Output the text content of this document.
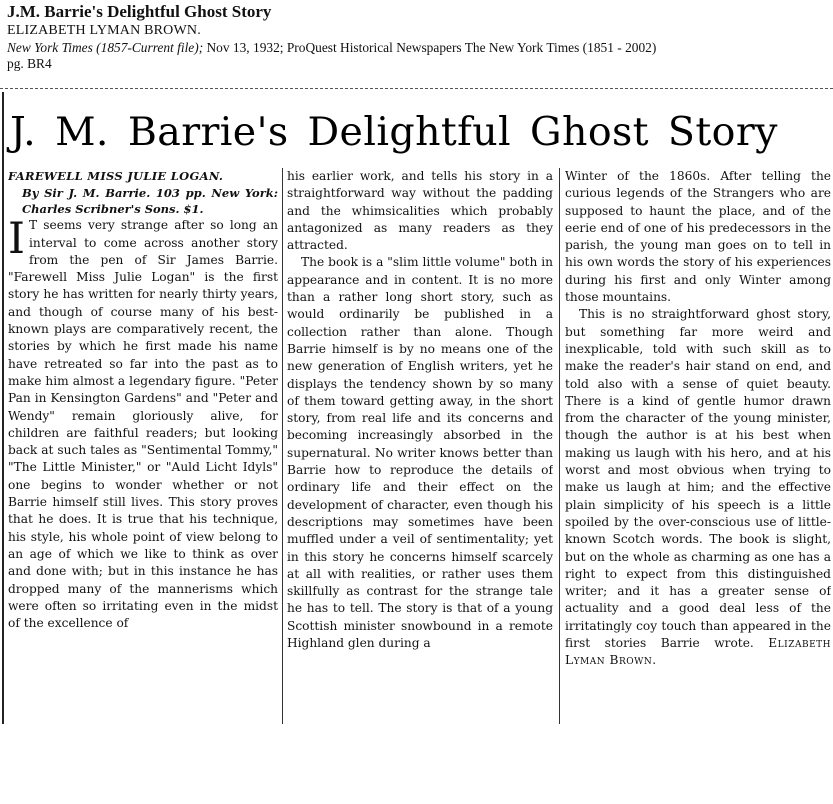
J.M. Barrie's Delightful Ghost Story
ELIZABETH LYMAN BROWN.
New York Times (1857-Current file); Nov 13, 1932; ProQuest Historical Newspapers The New York Times (1851 - 2002)
pg. BR4
J. M. Barrie's Delightful Ghost Story

FAREWELL MISS JULIE LOGAN.

By Sir J. M. Barrie. 103 pp. New York: Charles Scribner's Sons. $1.

I T seems very strange after so long an interval to come across another story from the pen of Sir James Barrie. "Farewell Miss Julie Logan" is the first story he has written for nearly thirty years, and though of course many of his best-known plays are comparatively recent, the stories by which he first made his name have retreated so far into the past as to make him almost a legendary figure. "Peter Pan in Kensington Gardens" and "Peter and Wendy" remain gloriously alive, for children are faithful readers; but looking back at such tales as "Sentimental Tommy," "The Little Minister," or "Auld Licht Idyls" one begins to wonder whether or not Barrie himself still lives. This story proves that he does. It is true that his technique, his style, his whole point of view belong to an age of which we like to think as over and done with; but in this instance he has dropped many of the mannerisms which were often so irritating even in the midst of the excellence of

his earlier work, and tells his story in a straightforward way without the padding and the whimsicalities which probably antagonized as many readers as they attracted.

The book is a "slim little volume" both in appearance and in content. It is no more than a rather long short story, such as would ordinarily be published in a collection rather than alone. Though Barrie himself is by no means one of the new generation of English writers, yet he displays the tendency shown by so many of them toward getting away, in the short story, from real life and its concerns and becoming increasingly absorbed in the supernatural. No writer knows better than Barrie how to reproduce the details of ordinary life and their effect on the development of character, even though his descriptions may sometimes have been muffled under a veil of sentimentality; yet in this story he concerns himself scarcely at all with realities, or rather uses them skillfully as contrast for the strange tale he has to tell. The story is that of a young Scottish minister snowbound in a remote Highland glen during a

Winter of the 1860s. After telling the curious legends of the Strangers who are supposed to haunt the place, and of the eerie end of one of his predecessors in the parish, the young man goes on to tell in his own words the story of his experiences during his first and only Winter among those mountains.

This is no straightforward ghost story, but something far more weird and inexplicable, told with such skill as to make the reader's hair stand on end, and told also with a sense of quiet beauty. There is a kind of gentle humor drawn from the character of the young minister, though the author is at his best when making us laugh with his hero, and at his worst and most obvious when trying to make us laugh at him; and the effective plain simplicity of his speech is a little spoiled by the over-conscious use of little-known Scotch words. The book is slight, but on the whole as charming as one has a right to expect from this distinguished writer; and it has a greater sense of actuality and a good deal less of the irritatingly coy touch than appeared in the first stories Barrie wrote. Elizabeth Lyman Brown.
